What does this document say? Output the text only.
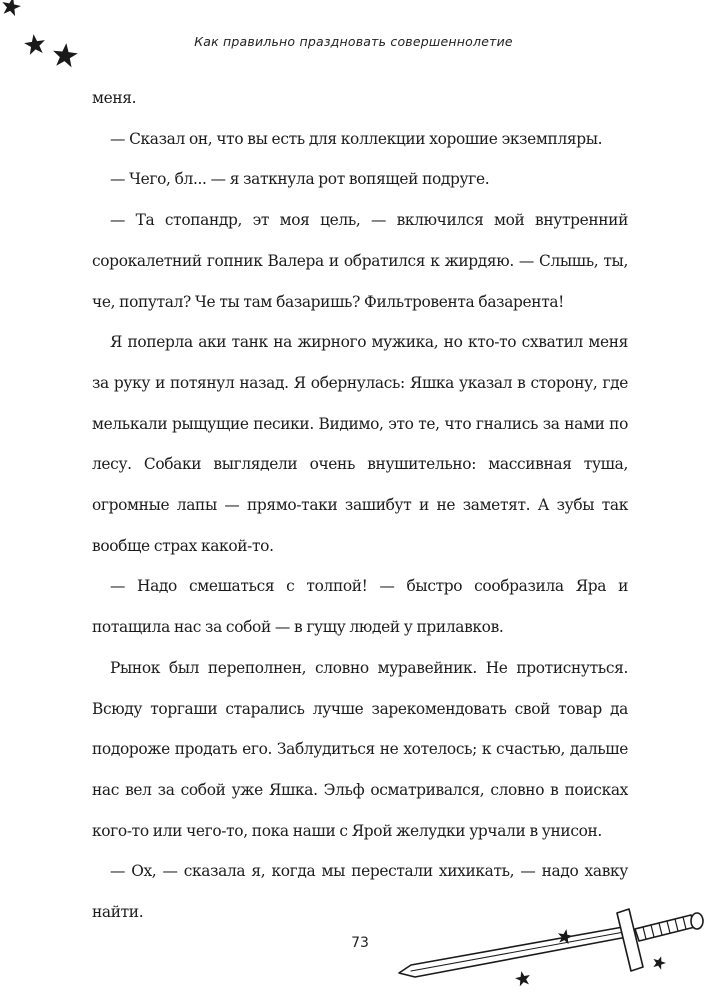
Как правильно праздновать совершеннолетие

меня.

— Сказал он, что вы есть для коллекции хорошие экземпляры.

— Чего, бл... — я заткнула рот вопящей подруге.

— Та стопандр, эт моя цель, — включился мой внутренний сорокалетний гопник Валера и обратился к жирдяю. — Слышь, ты, че, попутал? Че ты там базаришь? Фильтровента базарента!

Я поперла аки танк на жирного мужика, но кто-то схватил меня за руку и потянул назад. Я обернулась: Яшка указал в сторону, где мелькали рыщущие песики. Видимо, это те, что гнались за нами по лесу. Собаки выглядели очень внушительно: массивная туша, огромные лапы — прямо-таки зашибут и не заметят. А зубы так вообще страх какой-то.

— Надо смешаться с толпой! — быстро сообразила Яра и потащила нас за собой — в гущу людей у прилавков.

Рынок был переполнен, словно муравейник. Не протиснуться. Всюду торгаши старались лучше зарекомендовать свой товар да подороже продать его. Заблудиться не хотелось; к счастью, дальше нас вел за собой уже Яшка. Эльф осматривался, словно в поисках кого-то или чего-то, пока наши с Ярой желудки урчали в унисон.

— Ох, — сказала я, когда мы перестали хихикать, — надо хавку найти.

73
